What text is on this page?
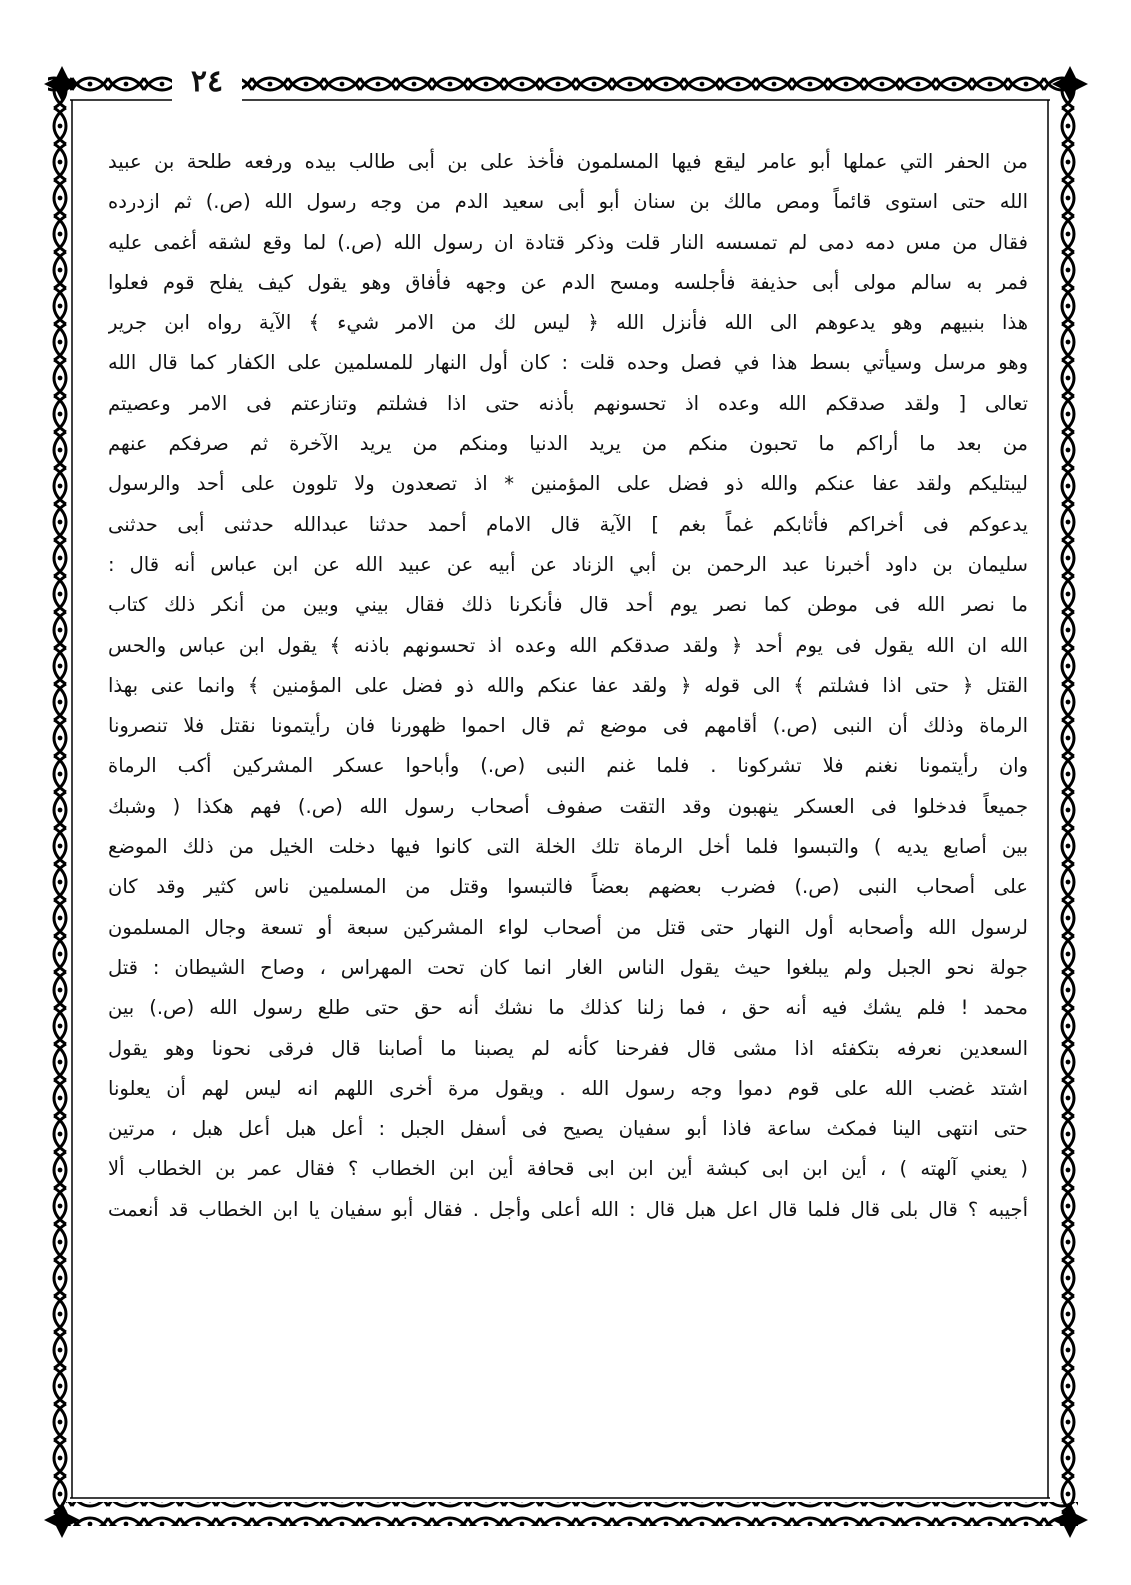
٢٤
من الحفر التي عملها أبو عامر ليقع فيها المسلمون فأخذ على بن أبى طالب بيده ورفعه طلحة بن عبيد
الله حتى استوى قائماً ومص مالك بن سنان أبو أبى سعيد الدم من وجه رسول الله (ص.) ثم ازدرده
فقال من مس دمه دمى لم تمسسه النار قلت وذكر قتادة ان رسول الله (ص.) لما وقع لشقه أغمى عليه
فمر به سالم مولى أبى حذيفة فأجلسه ومسح الدم عن وجهه فأفاق وهو يقول كيف يفلح قوم فعلوا
هذا بنبيهم وهو يدعوهم الى الله فأنزل الله ﴿ ليس لك من الامر شيء ﴾ الآية رواه ابن جرير
وهو مرسل وسيأتي بسط هذا في فصل وحده قلت : كان أول النهار للمسلمين على الكفار كما قال الله
تعالى [ ولقد صدقكم الله وعده اذ تحسونهم بأذنه حتى اذا فشلتم وتنازعتم فى الامر وعصيتم
من بعد ما أراكم ما تحبون منكم من يريد الدنيا ومنكم من يريد الآخرة ثم صرفكم عنهم
ليبتليكم ولقد عفا عنكم والله ذو فضل على المؤمنين * اذ تصعدون ولا تلوون على أحد والرسول
يدعوكم فى أخراكم فأثابكم غماً بغم ] الآية قال الامام أحمد حدثنا عبدالله حدثنى أبى حدثنى
سليمان بن داود أخبرنا عبد الرحمن بن أبي الزناد عن أبيه عن عبيد الله عن ابن عباس أنه قال :
ما نصر الله فى موطن كما نصر يوم أحد قال فأنكرنا ذلك فقال بيني وبين من أنكر ذلك كتاب
الله ان الله يقول فى يوم أحد ﴿ ولقد صدقكم الله وعده اذ تحسونهم باذنه ﴾ يقول ابن عباس والحس
القتل ﴿ حتى اذا فشلتم ﴾ الى قوله ﴿ ولقد عفا عنكم والله ذو فضل على المؤمنين ﴾ وانما عنى بهذا
الرماة وذلك أن النبى (ص.) أقامهم فى موضع ثم قال احموا ظهورنا فان رأيتمونا نقتل فلا تنصرونا
وان رأيتمونا نغنم فلا تشركونا . فلما غنم النبى (ص.) وأباحوا عسكر المشركين أكب الرماة
جميعاً فدخلوا فى العسكر ينهبون وقد التقت صفوف أصحاب رسول الله (ص.) فهم هكذا ( وشبك
بين أصابع يديه ) والتبسوا فلما أخل الرماة تلك الخلة التى كانوا فيها دخلت الخيل من ذلك الموضع
على أصحاب النبى (ص.) فضرب بعضهم بعضاً فالتبسوا وقتل من المسلمين ناس كثير وقد كان
لرسول الله وأصحابه أول النهار حتى قتل من أصحاب لواء المشركين سبعة أو تسعة وجال المسلمون
جولة نحو الجبل ولم يبلغوا حيث يقول الناس الغار انما كان تحت المهراس ، وصاح الشيطان : قتل
محمد ! فلم يشك فيه أنه حق ، فما زلنا كذلك ما نشك أنه حق حتى طلع رسول الله (ص.) بين
السعدين نعرفه بتكفئه اذا مشى قال ففرحنا كأنه لم يصبنا ما أصابنا قال فرقى نحونا وهو يقول
اشتد غضب الله على قوم دموا وجه رسول الله . ويقول مرة أخرى اللهم انه ليس لهم أن يعلونا
حتى انتهى الينا فمكث ساعة فاذا أبو سفيان يصيح فى أسفل الجبل : أعل هبل أعل هبل ، مرتين
( يعني آلهته ) ، أين ابن ابى كبشة أين ابن ابى قحافة أين ابن الخطاب ؟ فقال عمر بن الخطاب ألا
أجيبه ؟ قال بلى قال فلما قال اعل هبل قال : الله أعلى وأجل . فقال أبو سفيان يا ابن الخطاب قد أنعمت
